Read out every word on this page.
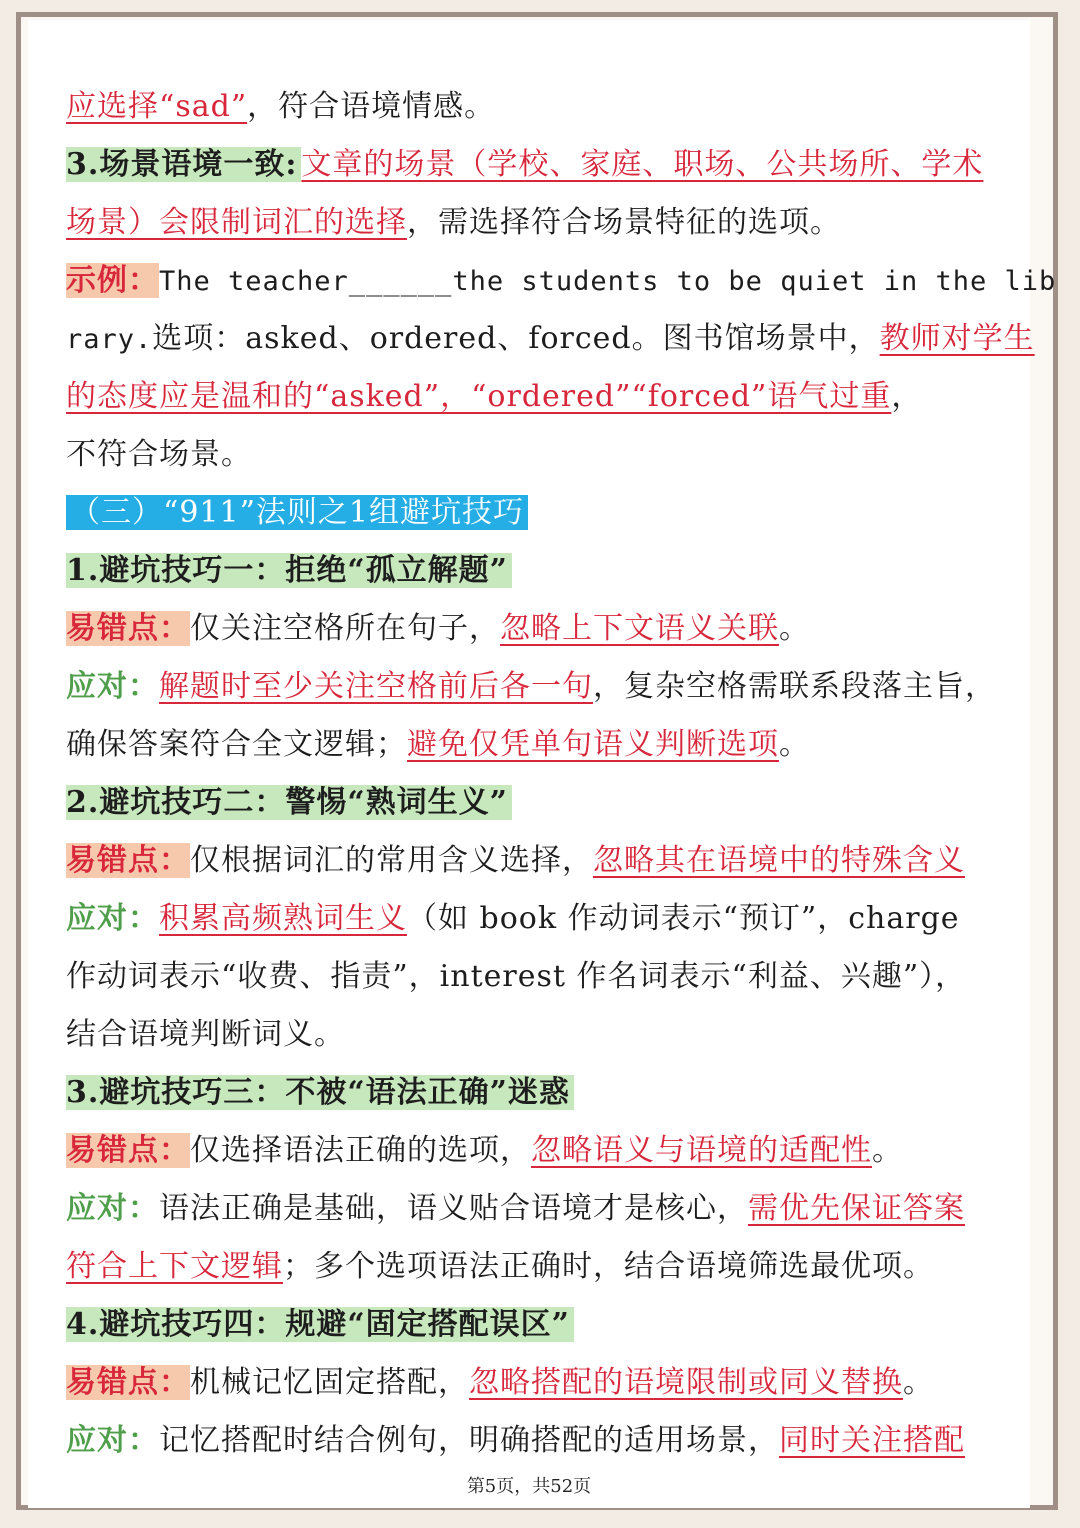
应选择“sad”，符合语境情感。
3.场景语境一致: 文章的场景（学校、家庭、职场、公共场所、学术
场景）会限制词汇的选择，需选择符合场景特征的选项。
示例：The teacher______the students to be quiet in the lib
rary.选项：asked、ordered、forced。图书馆场景中，教师对学生
的态度应是温和的“asked”，“ordered”“forced”语气过重，
不符合场景。
（三）“911”法则之1组避坑技巧
1.避坑技巧一：拒绝“孤立解题”
易错点：仅关注空格所在句子，忽略上下文语义关联。
应对：解题时至少关注空格前后各一句，复杂空格需联系段落主旨，
确保答案符合全文逻辑；避免仅凭单句语义判断选项。
2.避坑技巧二：警惕“熟词生义”
易错点：仅根据词汇的常用含义选择，忽略其在语境中的特殊含义
应对：积累高频熟词生义（如 book 作动词表示“预订”，charge
作动词表示“收费、指责”，interest 作名词表示“利益、兴趣”），
结合语境判断词义。
3.避坑技巧三：不被“语法正确”迷惑
易错点：仅选择语法正确的选项，忽略语义与语境的适配性。
应对：语法正确是基础，语义贴合语境才是核心，需优先保证答案
符合上下文逻辑；多个选项语法正确时，结合语境筛选最优项。
4.避坑技巧四：规避“固定搭配误区”
易错点：机械记忆固定搭配，忽略搭配的语境限制或同义替换。
应对：记忆搭配时结合例句，明确搭配的适用场景，同时关注搭配
第5页，共52页
